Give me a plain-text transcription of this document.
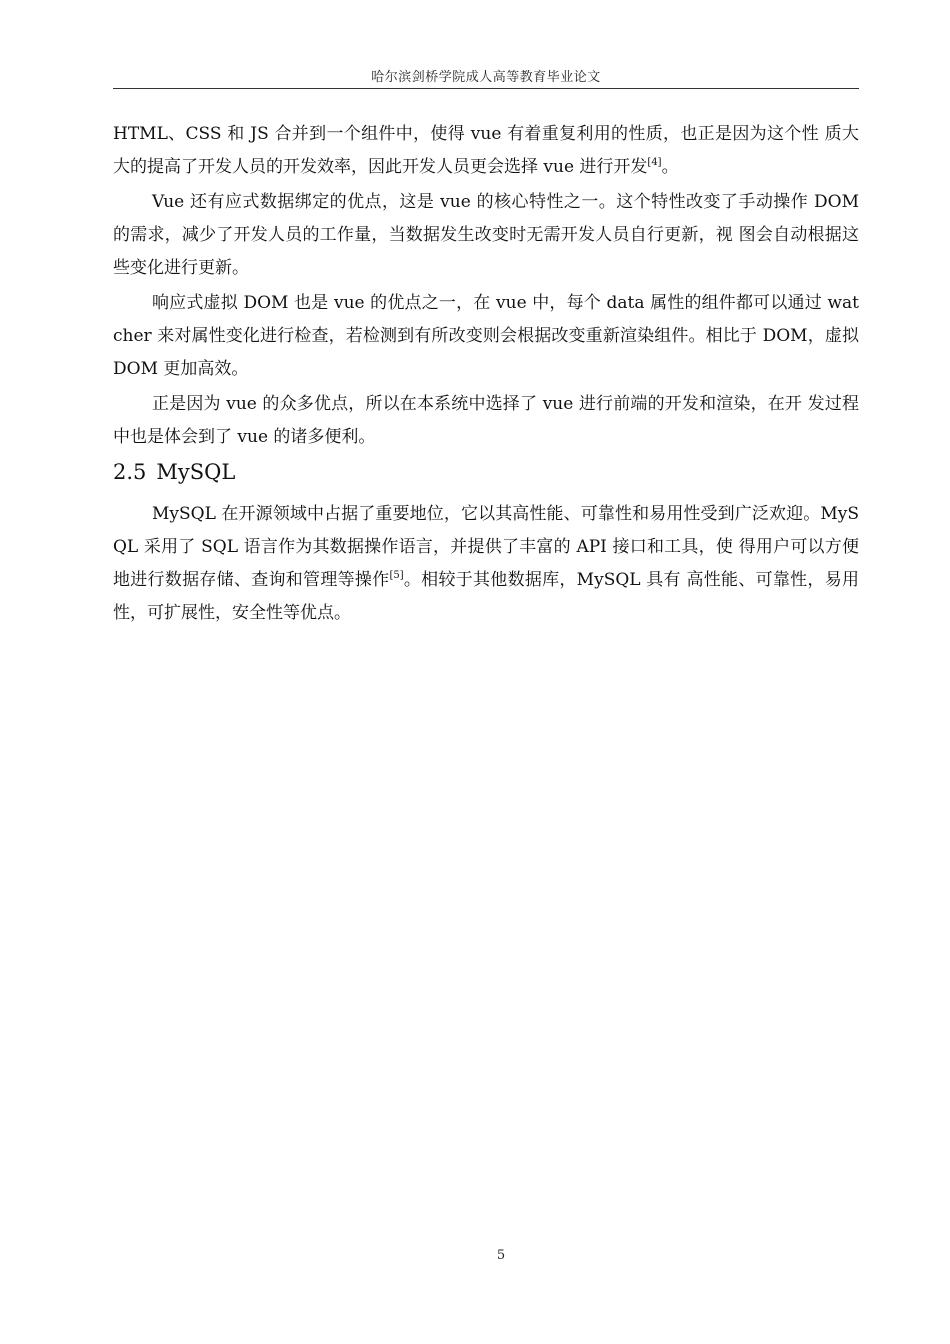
哈尔滨剑桥学院成人高等教育毕业论文

HTML、CSS 和 JS 合并到一个组件中，使得 vue 有着重复利用的性质，也正是因为这个性 质大大的提高了开发人员的开发效率，因此开发人员更会选择 vue 进行开发[4]。

Vue 还有应式数据绑定的优点，这是 vue 的核心特性之一。这个特性改变了手动操作 DOM 的需求，减少了开发人员的工作量，当数据发生改变时无需开发人员自行更新，视 图会自动根据这些变化进行更新。

响应式虚拟 DOM 也是 vue 的优点之一，在 vue 中，每个 data 属性的组件都可以通过 watcher 来对属性变化进行检查，若检测到有所改变则会根据改变重新渲染组件。相比于 DOM，虚拟 DOM 更加高效。

正是因为 vue 的众多优点，所以在本系统中选择了 vue 进行前端的开发和渲染，在开 发过程中也是体会到了 vue 的诸多便利。

2.5 MySQL

MySQL 在开源领域中占据了重要地位，它以其高性能、可靠性和易用性受到广泛欢迎。MySQL 采用了 SQL 语言作为其数据操作语言，并提供了丰富的 API 接口和工具，使 得用户可以方便地进行数据存储、查询和管理等操作[5]。相较于其他数据库，MySQL 具有 高性能、可靠性，易用性，可扩展性，安全性等优点。

5
